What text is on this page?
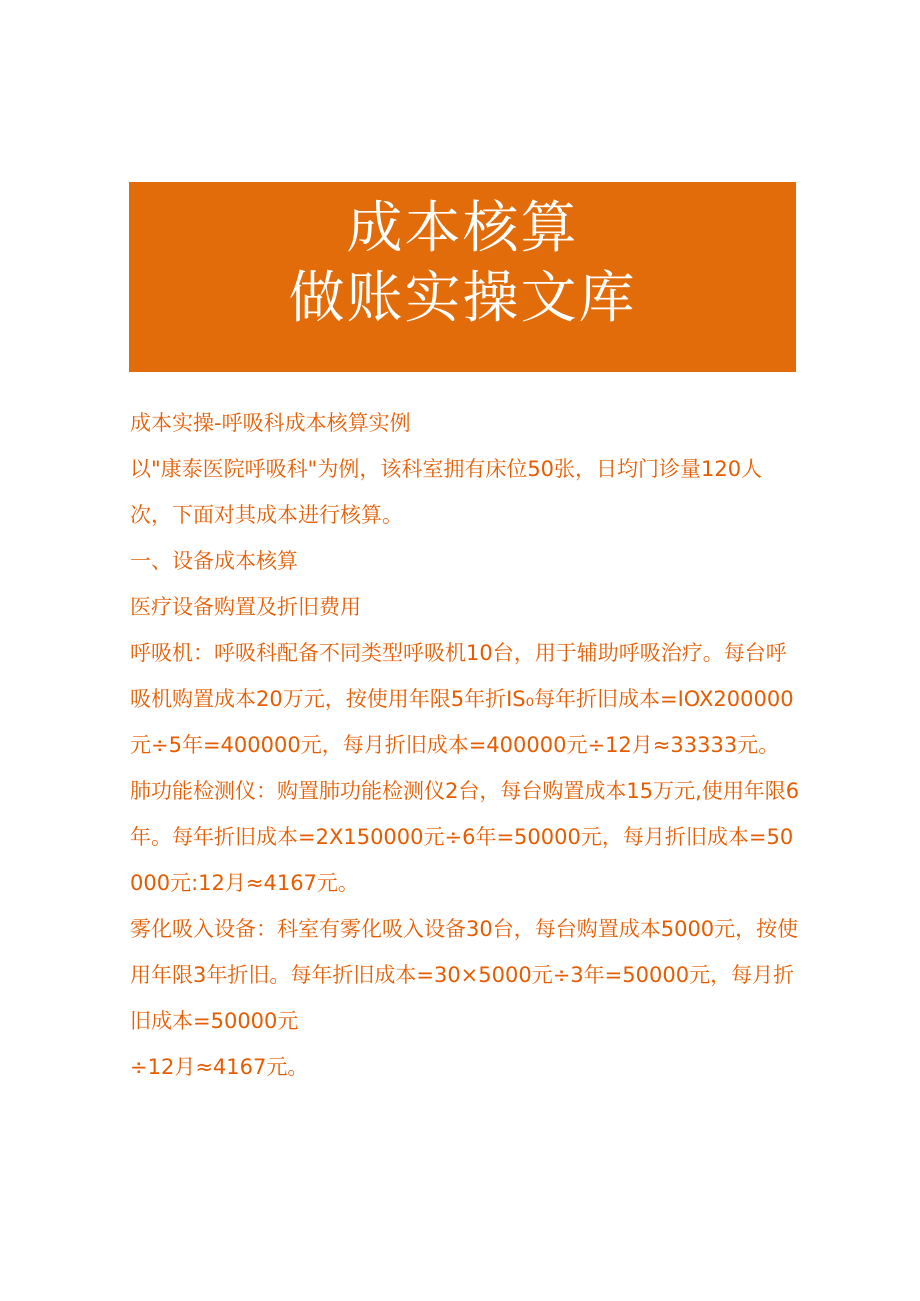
成本核算
做账实操文库

成本实操-呼吸科成本核算实例

以"康泰医院呼吸科"为例，该科室拥有床位50张，日均门诊量120人次，下面对其成本进行核算。

一、设备成本核算

医疗设备购置及折旧费用

呼吸机：呼吸科配备不同类型呼吸机10台，用于辅助呼吸治疗。每台呼吸机购置成本20万元，按使用年限5年折IS₀每年折旧成本=IOX200000元÷5年=400000元，每月折旧成本=400000元÷12月≈33333元。

肺功能检测仪：购置肺功能检测仪2台，每台购置成本15万元,使用年限6年。每年折旧成本=2X150000元÷6年=50000元，每月折旧成本=50000元:12月≈4167元。

雾化吸入设备：科室有雾化吸入设备30台，每台购置成本5000元，按使用年限3年折旧。每年折旧成本=30×5000元÷3年=50000元，每月折旧成本=50000元

÷12月≈4167元。
